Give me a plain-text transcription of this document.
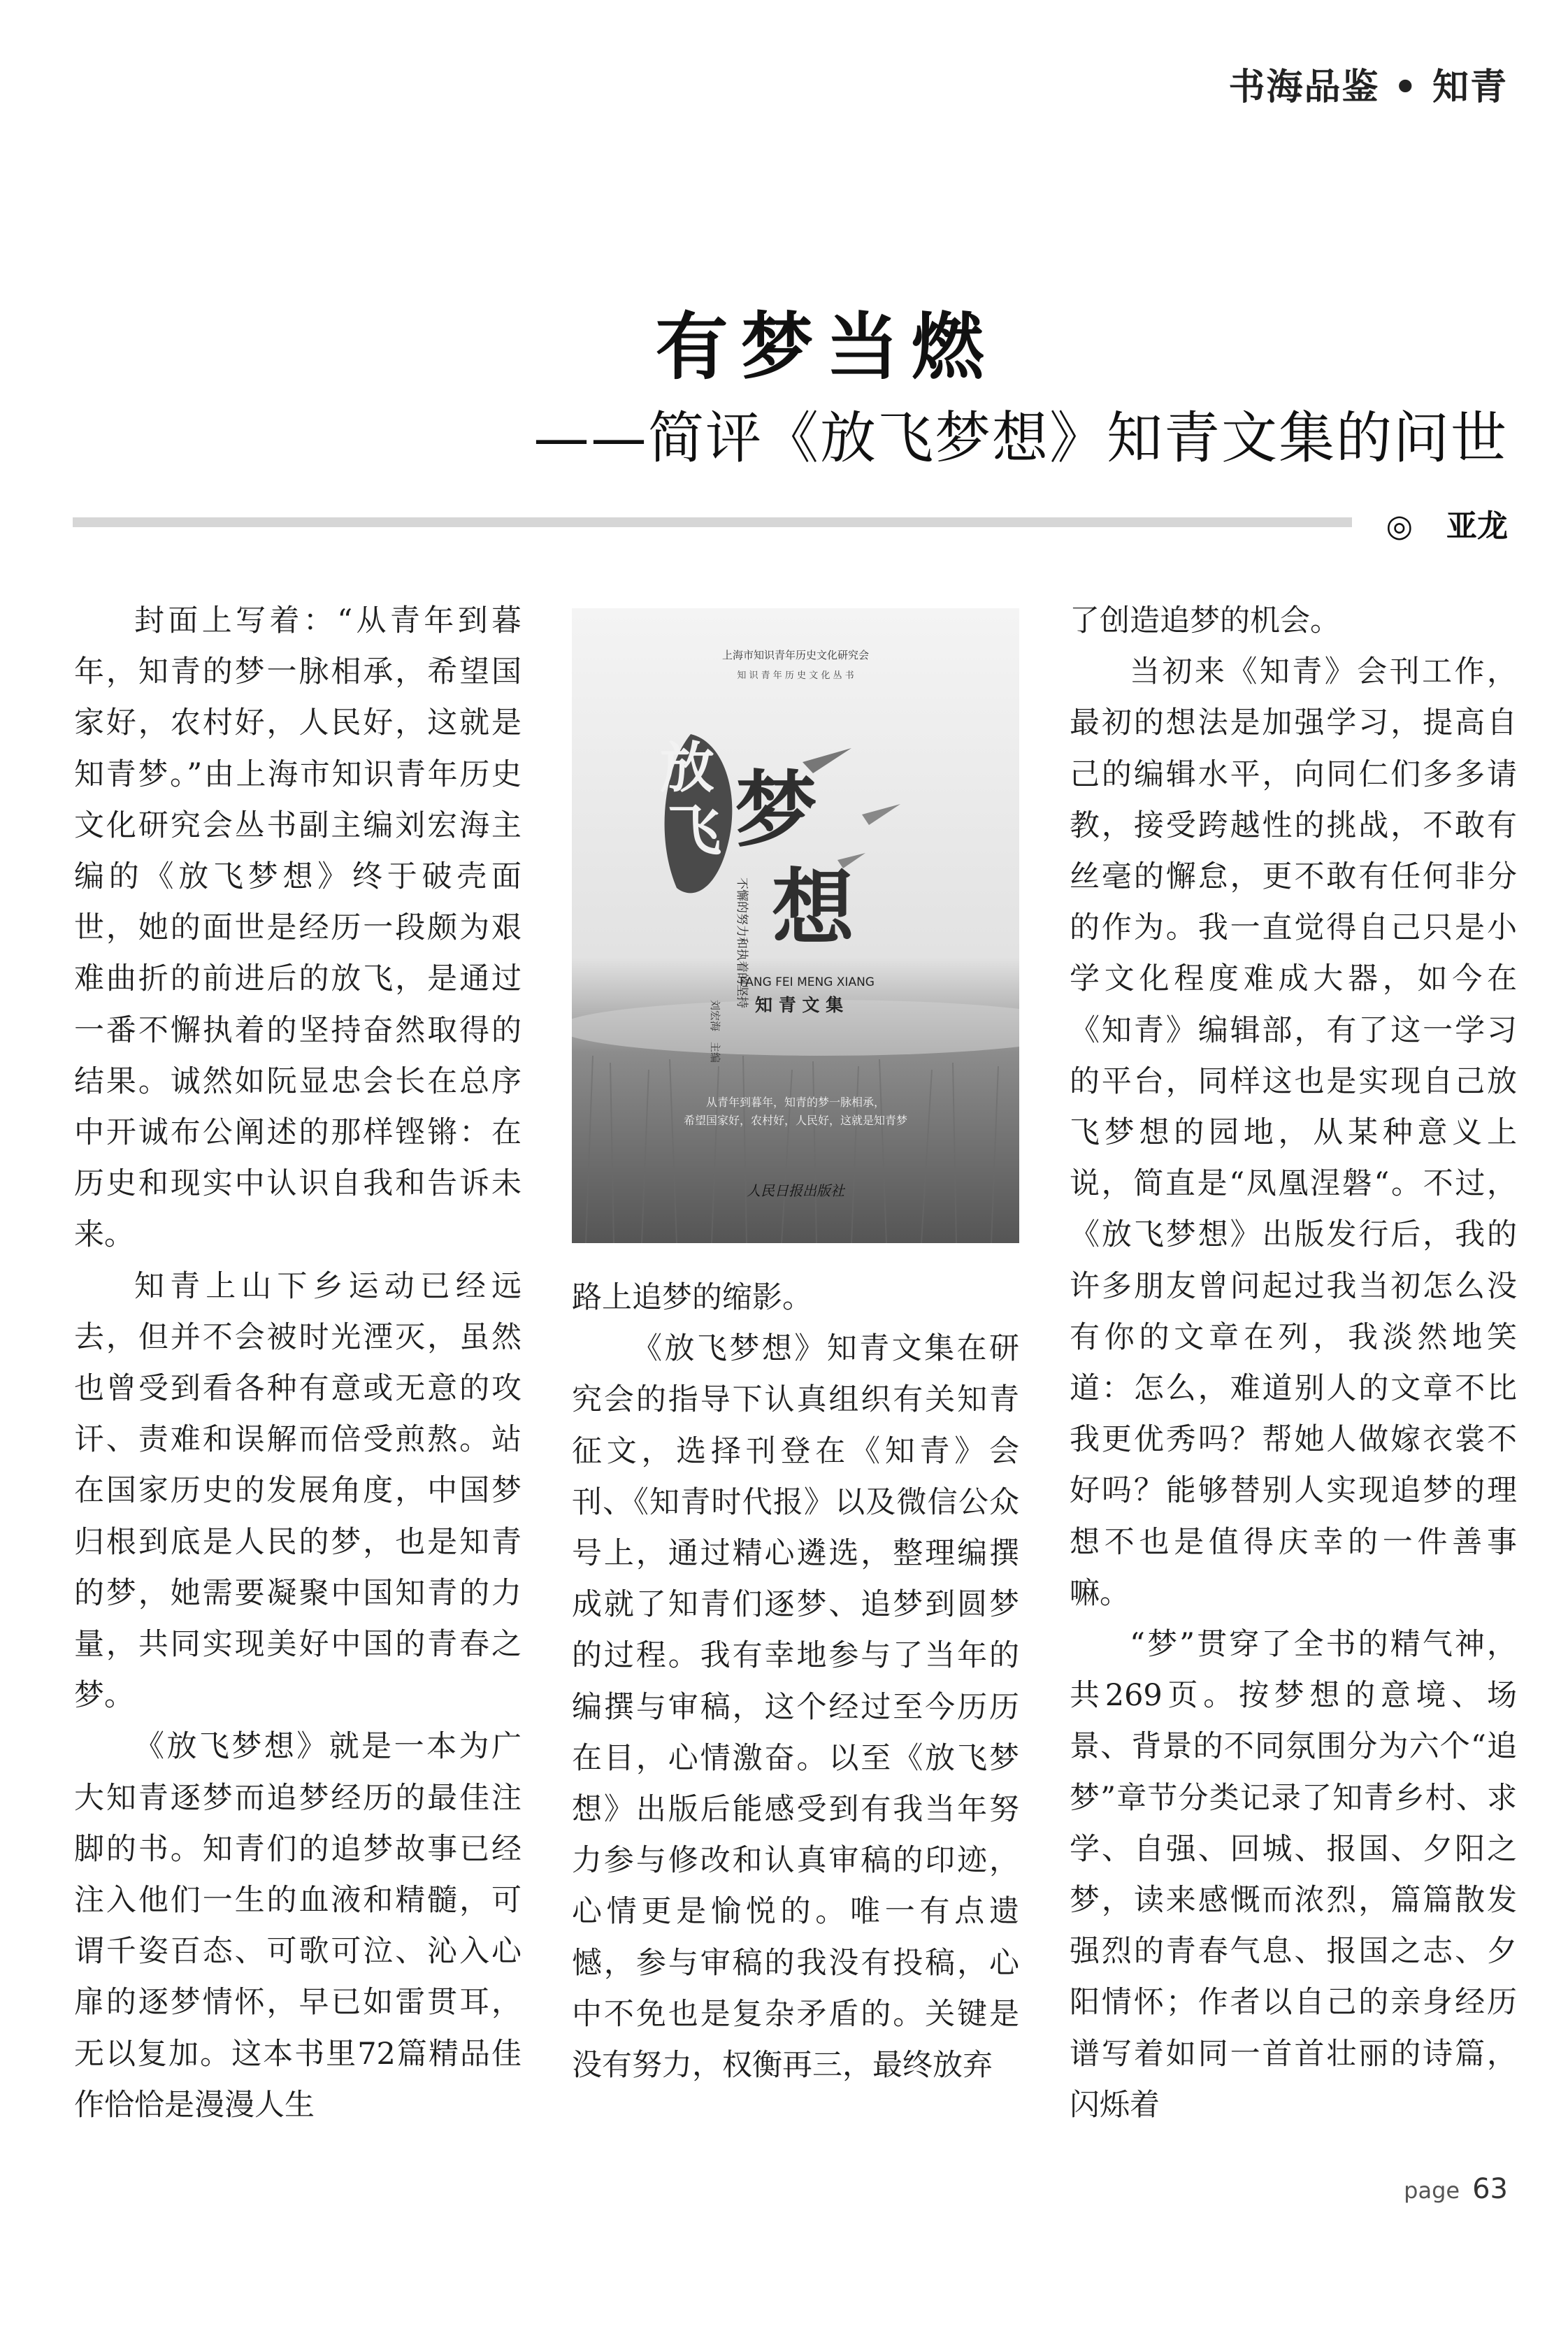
书海品鉴 • 知青
有梦当燃
——简评《放飞梦想》知青文集的问世
◎ 亚龙

封面上写着：“从青年到暮年，知青的梦一脉相承，希望国家好，农村好，人民好，这就是知青梦。”由上海市知识青年历史文化研究会丛书副主编刘宏海主编的《放飞梦想》终于破壳面世，她的面世是经历一段颇为艰难曲折的前进后的放飞，是通过一番不懈执着的坚持奋然取得的结果。诚然如阮显忠会长在总序中开诚布公阐述的那样铿锵：在历史和现实中认识自我和告诉未来。

知青上山下乡运动已经远去，但并不会被时光湮灭，虽然也曾受到看各种有意或无意的攻讦、责难和误解而倍受煎熬。站在国家历史的发展角度，中国梦归根到底是人民的梦，也是知青的梦，她需要凝聚中国知青的力量，共同实现美好中国的青春之梦。

《放飞梦想》就是一本为广大知青逐梦而追梦经历的最佳注脚的书。知青们的追梦故事已经注入他们一生的血液和精髓，可谓千姿百态、可歌可泣、沁入心扉的逐梦情怀，早已如雷贯耳，无以复加。这本书里72篇精品佳作恰恰是漫漫人生

上海市知识青年历史文化研究会
知 识 青 年 历 史 文 化 丛 书
放
飞 梦
想
不懈的努力和执着的坚持
刘宏海　主编
FANG FEI MENG XIANG
知 青 文 集
从青年到暮年，知青的梦一脉相承，
希望国家好，农村好，人民好，这就是知青梦
人民日报出版社

路上追梦的缩影。

《放飞梦想》知青文集在研究会的指导下认真组织有关知青征文，选择刊登在《知青》会刊、《知青时代报》以及微信公众号上，通过精心遴选，整理编撰成就了知青们逐梦、追梦到圆梦的过程。我有幸地参与了当年的编撰与审稿，这个经过至今历历在目，心情激奋。以至《放飞梦想》出版后能感受到有我当年努力参与修改和认真审稿的印迹，心情更是愉悦的。唯一有点遗憾，参与审稿的我没有投稿，心中不免也是复杂矛盾的。关键是没有努力，权衡再三，最终放弃

了创造追梦的机会。

当初来《知青》会刊工作，最初的想法是加强学习，提高自己的编辑水平，向同仁们多多请教，接受跨越性的挑战，不敢有丝毫的懈怠，更不敢有任何非分的作为。我一直觉得自己只是小学文化程度难成大器，如今在《知青》编辑部，有了这一学习的平台，同样这也是实现自己放飞梦想的园地，从某种意义上说，简直是“凤凰涅磐“。不过，《放飞梦想》出版发行后，我的许多朋友曾问起过我当初怎么没有你的文章在列，我淡然地笑道：怎么，难道别人的文章不比我更优秀吗？帮她人做嫁衣裳不好吗？能够替别人实现追梦的理想不也是值得庆幸的一件善事嘛。

“梦”贯穿了全书的精气神，共269页。按梦想的意境、场景、背景的不同氛围分为六个“追梦”章节分类记录了知青乡村、求学、自强、回城、报国、夕阳之梦，读来感慨而浓烈，篇篇散发强烈的青春气息、报国之志、夕阳情怀；作者以自己的亲身经历谱写着如同一首首壮丽的诗篇，闪烁着

page 63
